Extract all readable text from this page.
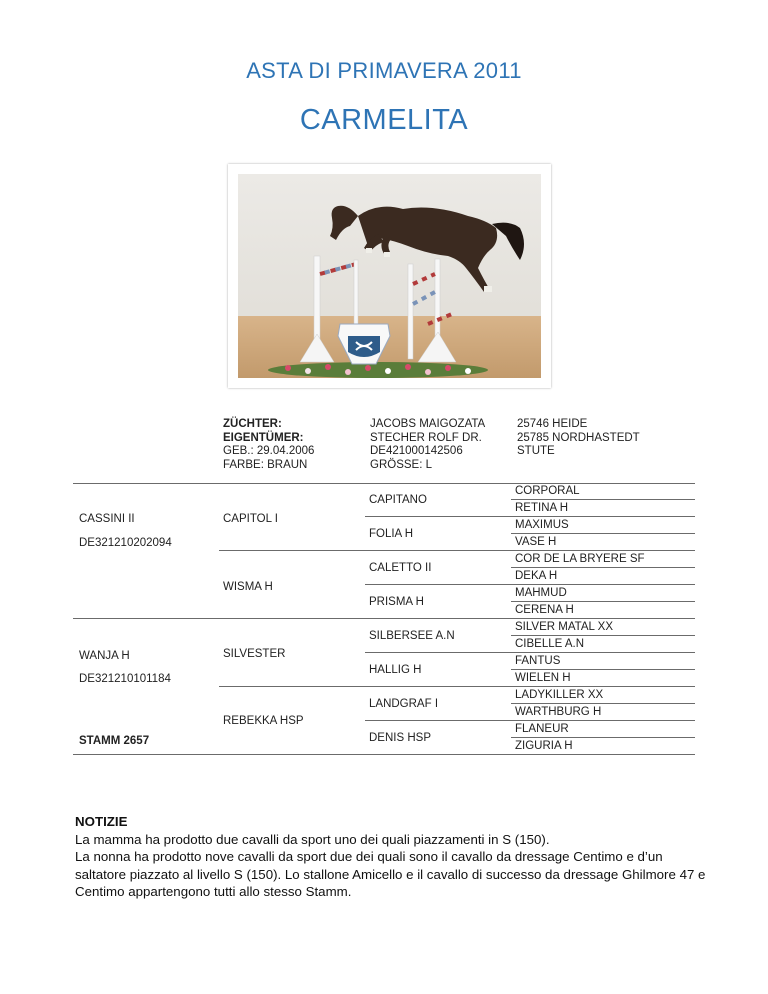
ASTA DI PRIMAVERA 2011
CARMELITA
ZÜCHTER:
EIGENTÜMER:
GEB.: 29.04.2006
FARBE: BRAUN
JACOBS MAIGOZATA
STECHER ROLF DR.
DE421000142506
GRÖSSE: L
25746 HEIDE
25785 NORDHASTEDT
STUTE
CASSINI II
DE321210202094
WANJA H
DE321210101184
STAMM 2657
CAPITOL I
WISMA H
SILVESTER
REBEKKA HSP
CAPITANO
FOLIA H
CALETTO II
PRISMA H
SILBERSEE A.N
HALLIG H
LANDGRAF I
DENIS HSP
CORPORAL
RETINA H
MAXIMUS
VASE H
COR DE LA BRYERE SF
DEKA H
MAHMUD
CERENA H
SILVER MATAL XX
CIBELLE A.N
FANTUS
WIELEN H
LADYKILLER XX
WARTHBURG H
FLANEUR
ZIGURIA H
NOTIZIE

La mamma ha prodotto due cavalli da sport uno dei quali piazzamenti in S (150).

La nonna ha prodotto nove cavalli da sport due dei quali sono il cavallo da dressage Centimo e d’un saltatore piazzato al livello S (150). Lo stallone Amicello e il cavallo di successo da dressage Ghilmore 47 e Centimo appartengono tutti allo stesso Stamm.
